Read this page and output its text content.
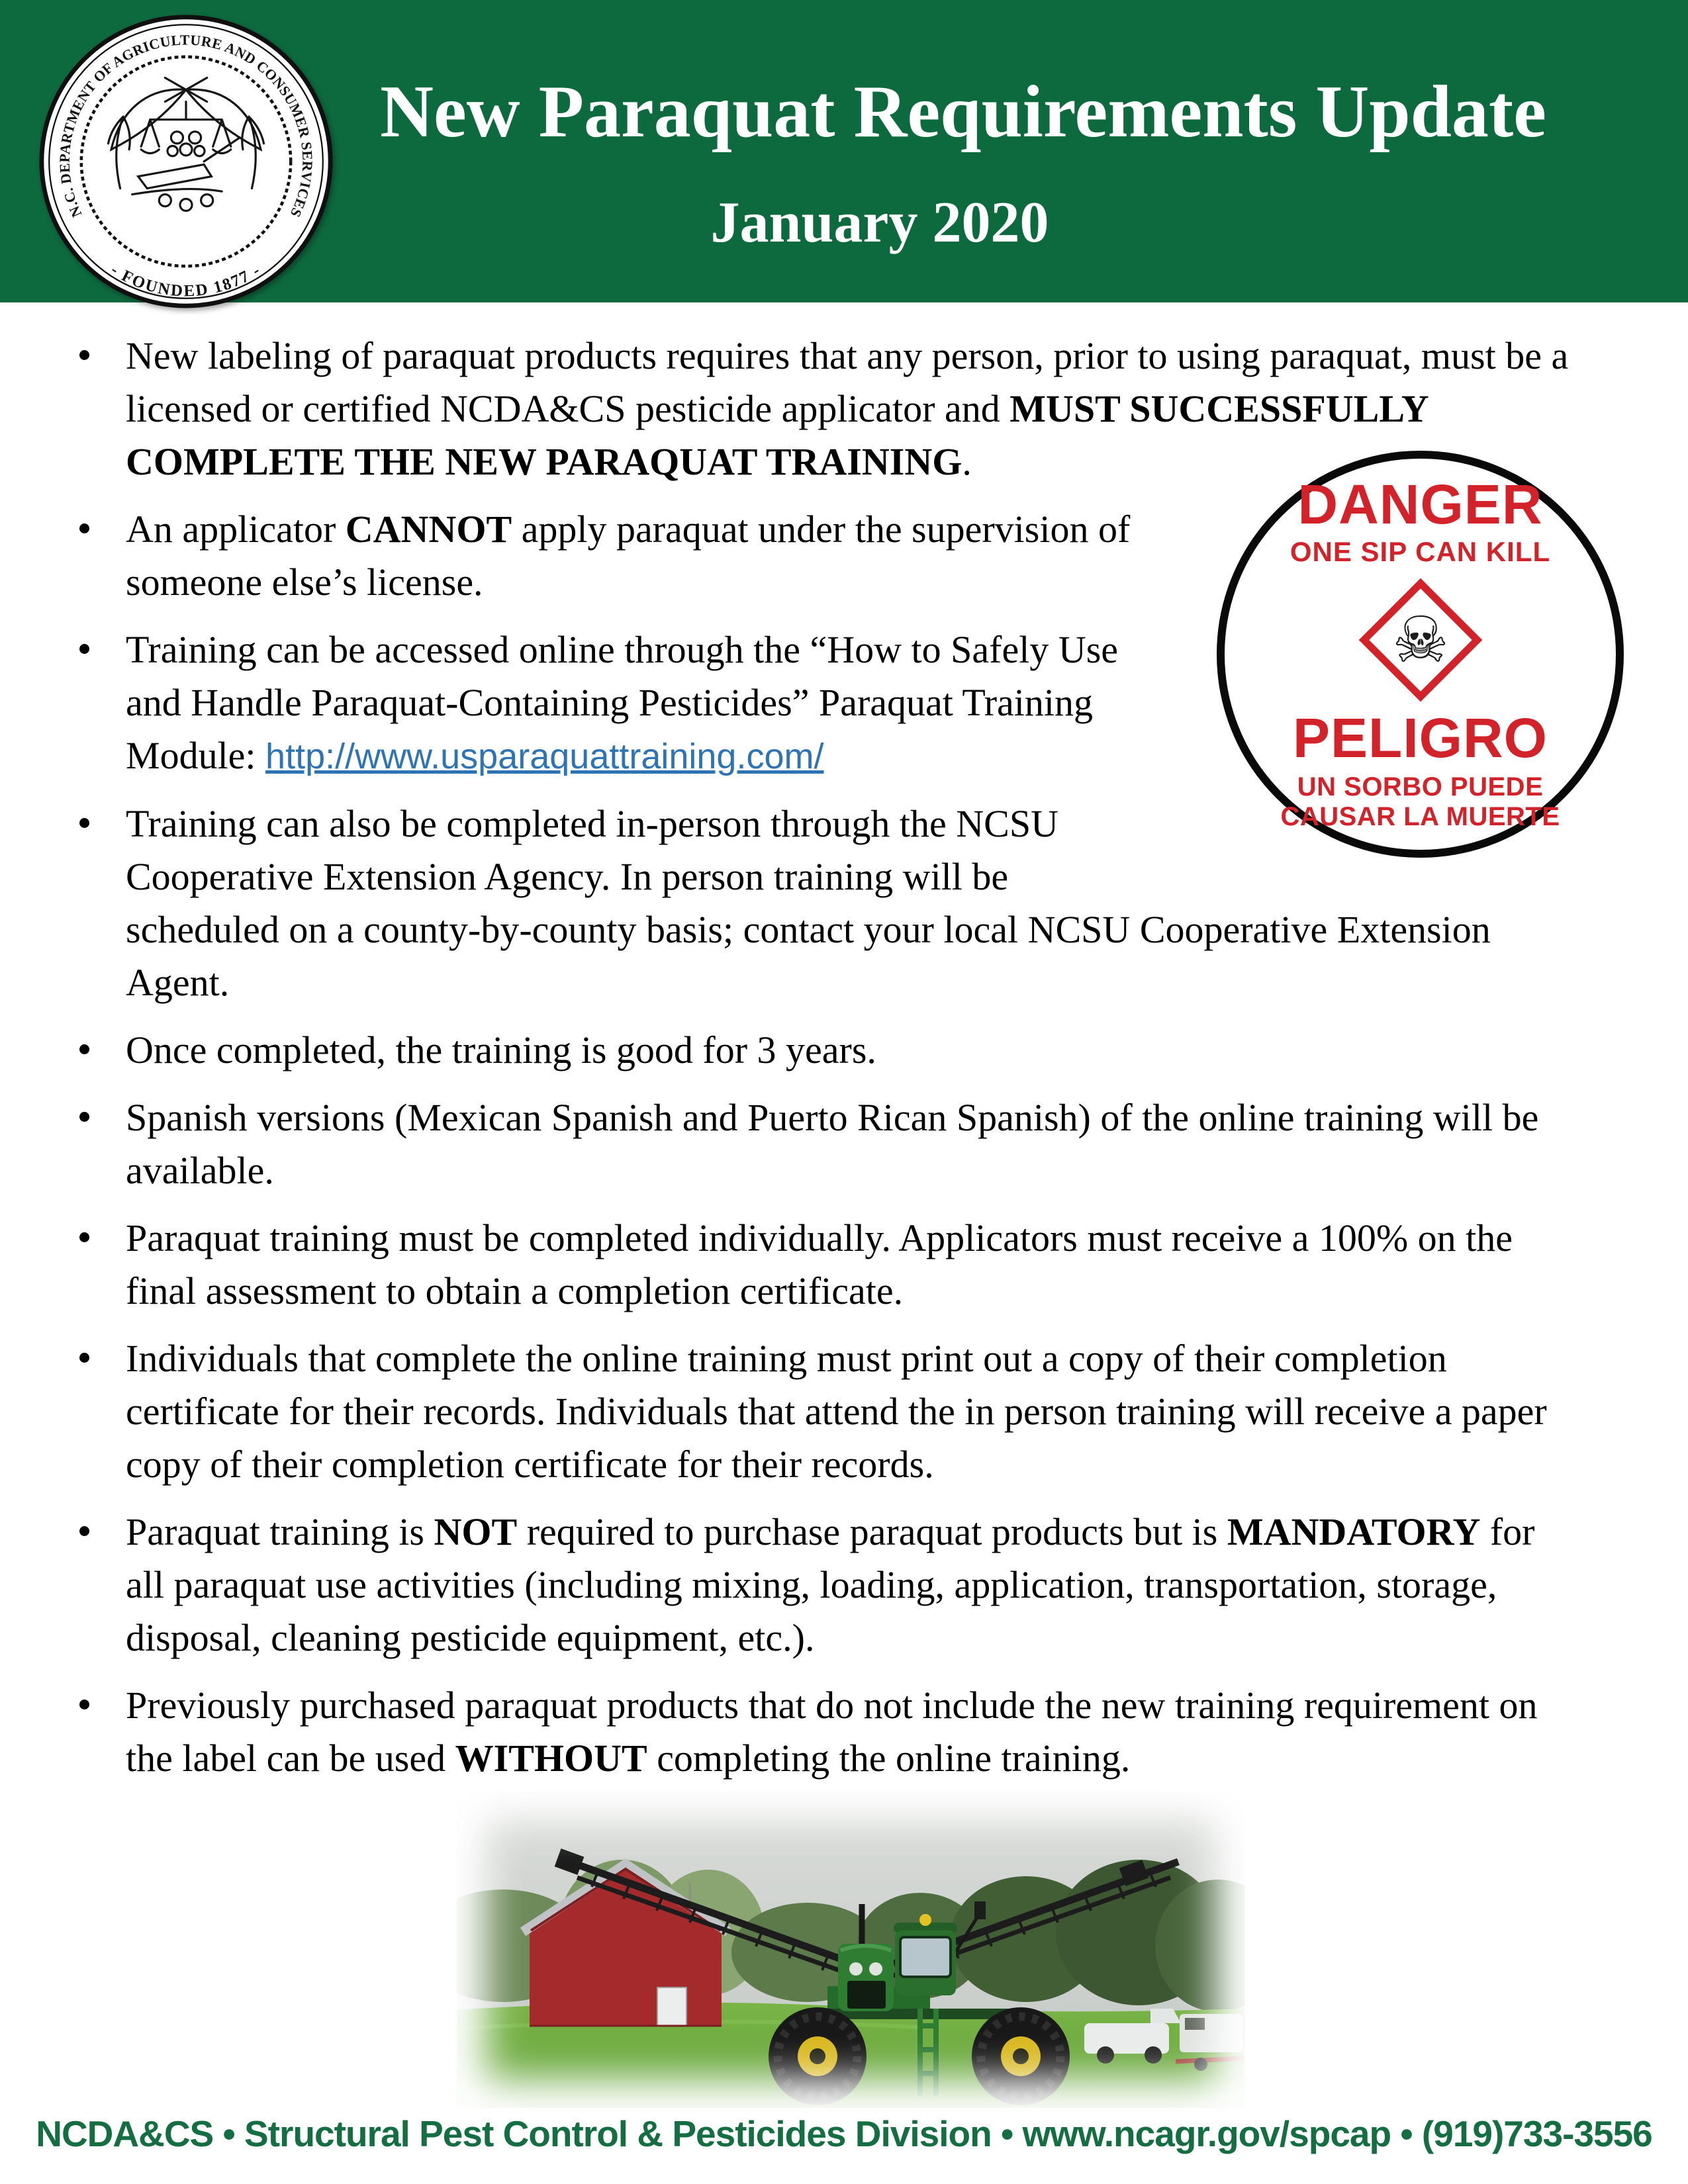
N.C. DEPARTMENT OF AGRICULTURE AND CONSUMER SERVICES
- FOUNDED 1877 -
New Paraquat Requirements Update
January 2020

New labeling of paraquat products requires that any person, prior to using paraquat, must be a licensed or certified NCDA&CS pesticide applicator and MUST SUCCESSFULLY COMPLETE THE NEW PARAQUAT TRAINING.

DANGER
ONE SIP CAN KILL
☠
PELIGRO
UN SORBO PUEDE CAUSAR LA MUERTE

An applicator CANNOT apply paraquat under the supervision of someone else’s license.

Training can be accessed online through the “How to Safely Use and Handle Paraquat-Containing Pesticides” Paraquat Training Module: http://www.usparaquattraining.com/

Training can also be completed in-person through the NCSU Cooperative Extension Agency. In person training will be scheduled on a county-by-county basis; contact your local NCSU Cooperative Extension Agent.

Once completed, the training is good for 3 years.

Spanish versions (Mexican Spanish and Puerto Rican Spanish) of the online training will be available.

Paraquat training must be completed individually. Applicators must receive a 100% on the final assessment to obtain a completion certificate.

Individuals that complete the online training must print out a copy of their completion certificate for their records. Individuals that attend the in person training will receive a paper copy of their completion certificate for their records.

Paraquat training is NOT required to purchase paraquat products but is MANDATORY for all paraquat use activities (including mixing, loading, application, transportation, storage, disposal, cleaning pesticide equipment, etc.).

Previously purchased paraquat products that do not include the new training requirement on the label can be used WITHOUT completing the online training.

NCDA&CS • Structural Pest Control & Pesticides Division • www.ncagr.gov/spcap • (919)733-3556
